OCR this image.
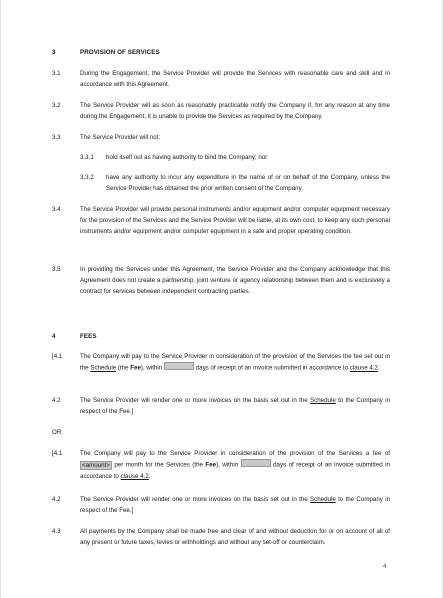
3	PROVISION OF SERVICES
3.1	During the Engagement, the Service Provider will provide the Services with reasonable care and skill and in accordance with this Agreement.
3.2	The Service Provider will as soon as reasonably practicable notify the Company if, for any reason at any time during the Engagement, it is unable to provide the Services as required by the Company.
3.3	The Service Provider will not:
3.3.1 hold itself out as having authority to bind the Company; nor
3.3.2 have any authority to incur any expenditure in the name of or on behalf of the Company, unless the Service Provider has obtained the prior written consent of the Company.
3.4	The Service Provider will provide personal instruments and/or equipment and/or computer equipment necessary for the provision of the Services and the Service Provider will be liable, at its own cost, to keep any such personal instruments and/or equipment and/or computer equipment in a safe and proper operating condition.
3.5	In providing the Services under this Agreement, the Service Provider and the Company acknowledge that this Agreement does not create a partnership, joint venture or agency relationship between them and is exclusively a contract for services between independent contracting parties.
4	FEES
[4.1	The Company will pay to the Service Provider in consideration of the provision of the Services the fee set out in the Schedule (the Fee), within	days of receipt of an invoice submitted in accordance to clause 4.2.
4.2	The Service Provider will render one or more invoices on the basis set out in the Schedule to the Company in respect of the Fee.]
OR
[4.1	The Company will pay to the Service Provider in consideration of the provision of the Services a fee of <amount> per month for the Services (the Fee), within	days of receipt of an invoice submitted in accordance to clause 4.2.
4.2	The Service Provider will render one or more invoices on the basis set out in the Schedule to the Company in respect of the Fee.]
4.3	All payments by the Company shall be made free and clear of and without deduction for or on account of all of any present or future taxes, levies or withholdings and without any set-off or counterclaim.
4
